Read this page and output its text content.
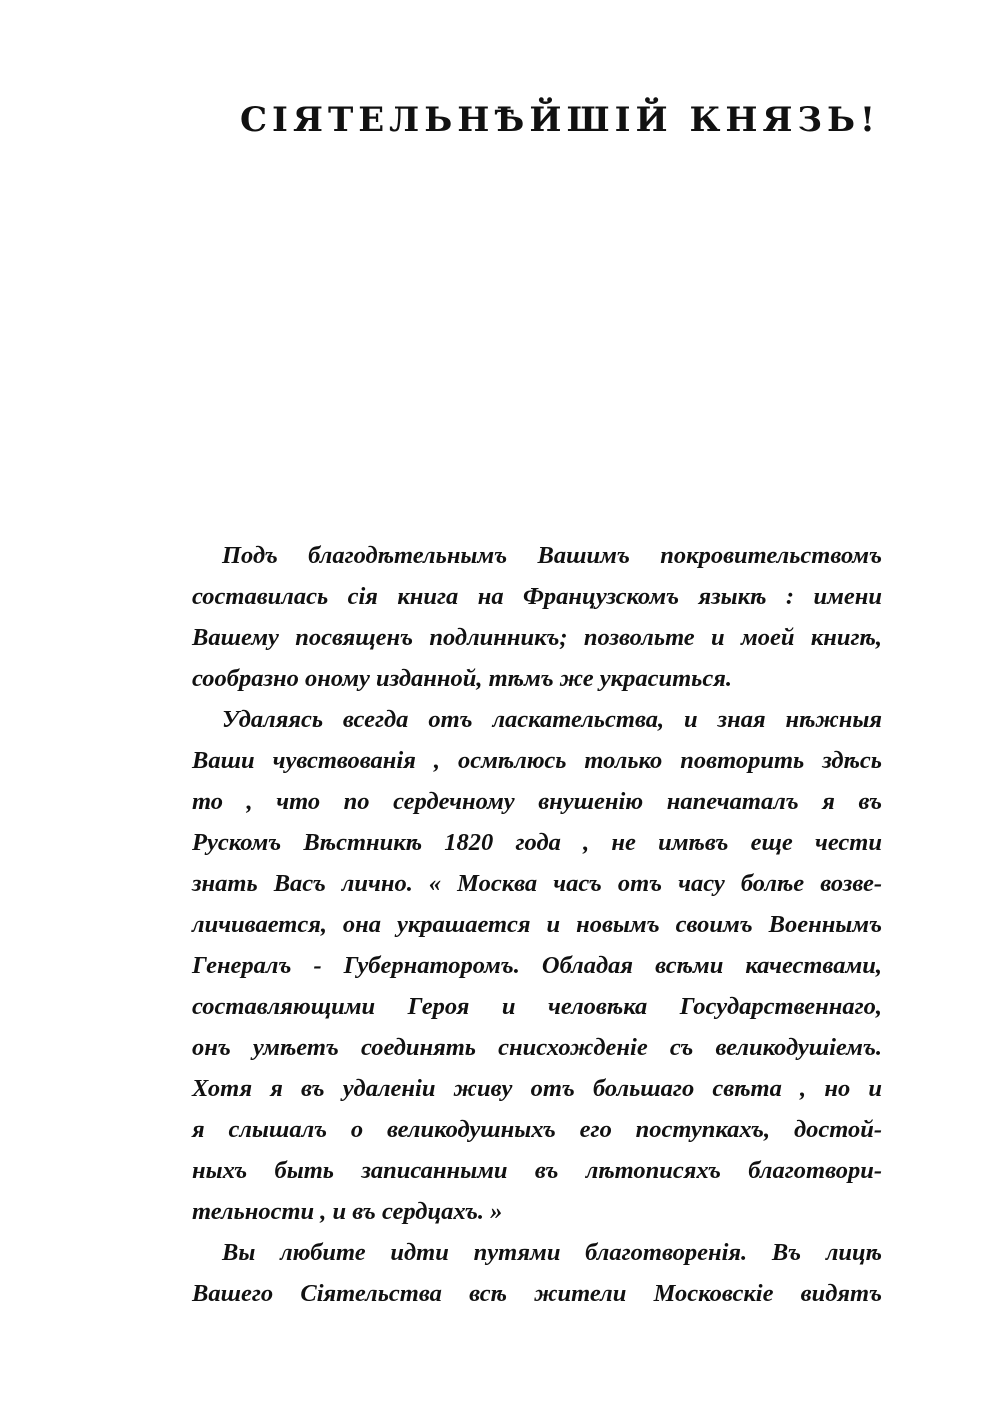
СІЯТЕЛЬНѢЙШІЙ КНЯЗЬ!
Подъ благодѣтельнымъ Вашимъ покровительствомъ
составилась сія книга на Французскомъ языкѣ : имени
Вашему посвященъ подлинникъ; позвольте и моей книгѣ,
сообразно оному изданной, тѣмъ же украситься.
Удаляясь всегда отъ ласкательства, и зная нѣжныя
Ваши чувствованія , осмѣлюсь только повторить здѣсь
то , что по сердечному внушенію напечаталъ я въ
Рускомъ Вѣстникѣ 1820 года , не имѣвъ еще чести
знать Васъ лично. « Москва часъ отъ часу болѣе возве-
личивается, она украшается и новымъ своимъ Военнымъ
Генералъ - Губернаторомъ. Обладая всѣми качествами,
составляющими Героя и человѣка Государственнаго,
онъ умѣетъ соединять снисхожденіе съ великодушіемъ.
Хотя я въ удаленіи живу отъ большаго свѣта , но и
я слышалъ о великодушныхъ его поступкахъ, достой-
ныхъ быть записанными въ лѣтописяхъ благотвори-
тельности , и въ сердцахъ. »
Вы любите идти путями благотворенія. Въ лицѣ
Вашего Сіятельства всѣ жители Московскіе видятъ
